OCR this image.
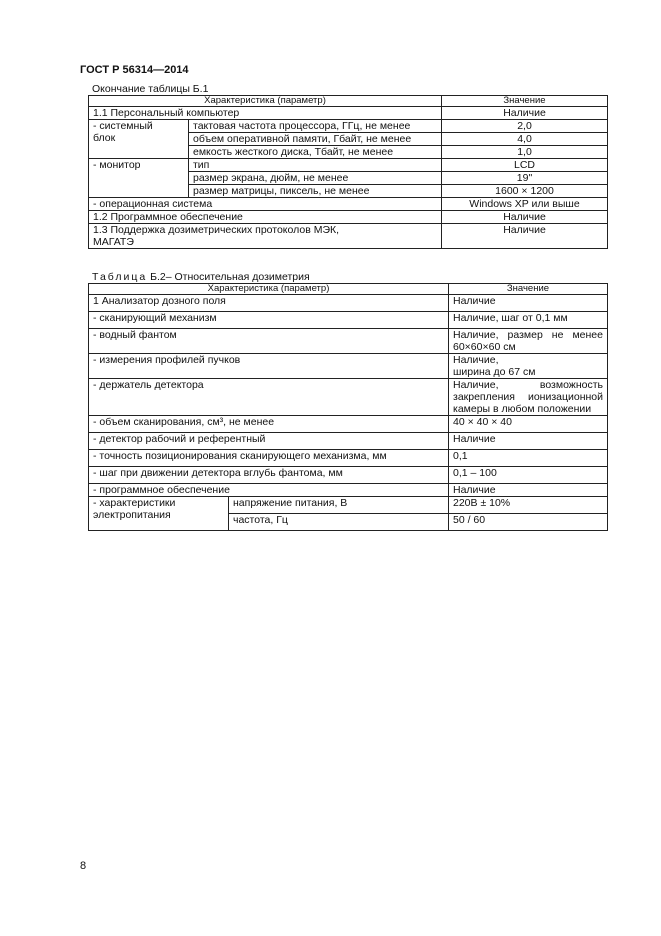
ГОСТ Р 56314—2014
Окончание таблицы Б.1
Характеристика (параметр)		Значение
1.1 Персональный компьютер		Наличие
- системный блок	тактовая частота процессора, ГГц, не менее	2,0
	объем оперативной памяти, Гбайт, не менее	4,0
	емкость жесткого диска, Тбайт, не менее	1,0
- монитор	тип	LCD
	размер экрана, дюйм, не менее	19"
	размер матрицы, пиксель, не менее	1600 × 1200
- операционная система		Windows XP или выше
1.2 Программное обеспечение		Наличие
1.3 Поддержка дозиметрических протоколов МЭК, МАГАТЭ		Наличие
Таблица Б.2– Относительная дозиметрия
Характеристика (параметр)		Значение
1 Анализатор дозного поля		Наличие
- сканирующий механизм		Наличие, шаг от 0,1 мм
- водный фантом		Наличие, размер не менее 60×60×60 см
- измерения профилей пучков		Наличие, ширина до 67 см
- держатель детектора		Наличие, возможность закрепления ионизационной камеры в любом положении
- объем сканирования, см³, не менее		40 × 40 × 40
- детектор рабочий и референтный		Наличие
- точность позиционирования сканирующего механизма, мм		0,1
- шаг при движении детектора вглубь фантома, мм		0,1 – 100
- программное обеспечение		Наличие
- характеристики электропитания	напряжение питания, В	220В ± 10%
	частота, Гц	50 / 60
8
